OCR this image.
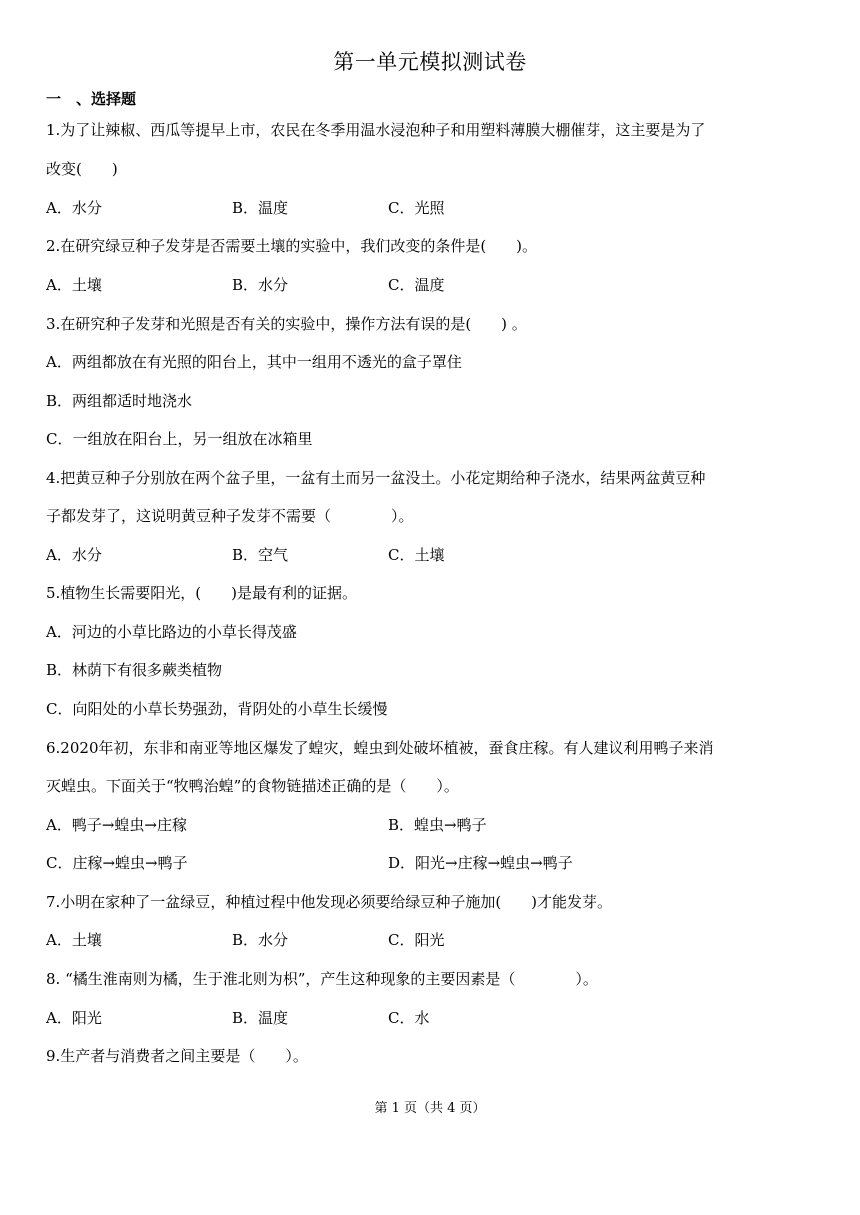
第一单元模拟测试卷
一　、选择题
1.为了让辣椒、西瓜等提早上市，农民在冬季用温水浸泡种子和用塑料薄膜大棚催芽，这主要是为了
改变(　　)
A．水分	B．温度	C．光照
2.在研究绿豆种子发芽是否需要土壤的实验中，我们改变的条件是(　　)。
A．土壤	B．水分	C．温度
3.在研究种子发芽和光照是否有关的实验中，操作方法有误的是(　　) 。
A．两组都放在有光照的阳台上，其中一组用不透光的盒子罩住
B．两组都适时地浇水
C．一组放在阳台上，另一组放在冰箱里
4.把黄豆种子分别放在两个盆子里，一盆有土而另一盆没土。小花定期给种子浇水，结果两盆黄豆种
子都发芽了，这说明黄豆种子发芽不需要（　　　　）。
A．水分	B．空气	C．土壤
5.植物生长需要阳光，(　　)是最有利的证据。
A．河边的小草比路边的小草长得茂盛
B．林荫下有很多蕨类植物
C．向阳处的小草长势强劲，背阴处的小草生长缓慢
6.2020年初，东非和南亚等地区爆发了蝗灾，蝗虫到处破坏植被，蚕食庄稼。有人建议利用鸭子来消
灭蝗虫。下面关于“牧鸭治蝗”的食物链描述正确的是（　　）。
A．鸭子→蝗虫→庄稼	B．蝗虫→鸭子
C．庄稼→蝗虫→鸭子	D．阳光→庄稼→蝗虫→鸭子
7.小明在家种了一盆绿豆，种植过程中他发现必须要给绿豆种子施加(　　)才能发芽。
A．土壤	B．水分	C．阳光
8. “橘生淮南则为橘，生于淮北则为枳”，产生这种现象的主要因素是（　　　　）。
A．阳光	B．温度	C．水
9.生产者与消费者之间主要是（　　）。
第 1 页（共 4 页）
